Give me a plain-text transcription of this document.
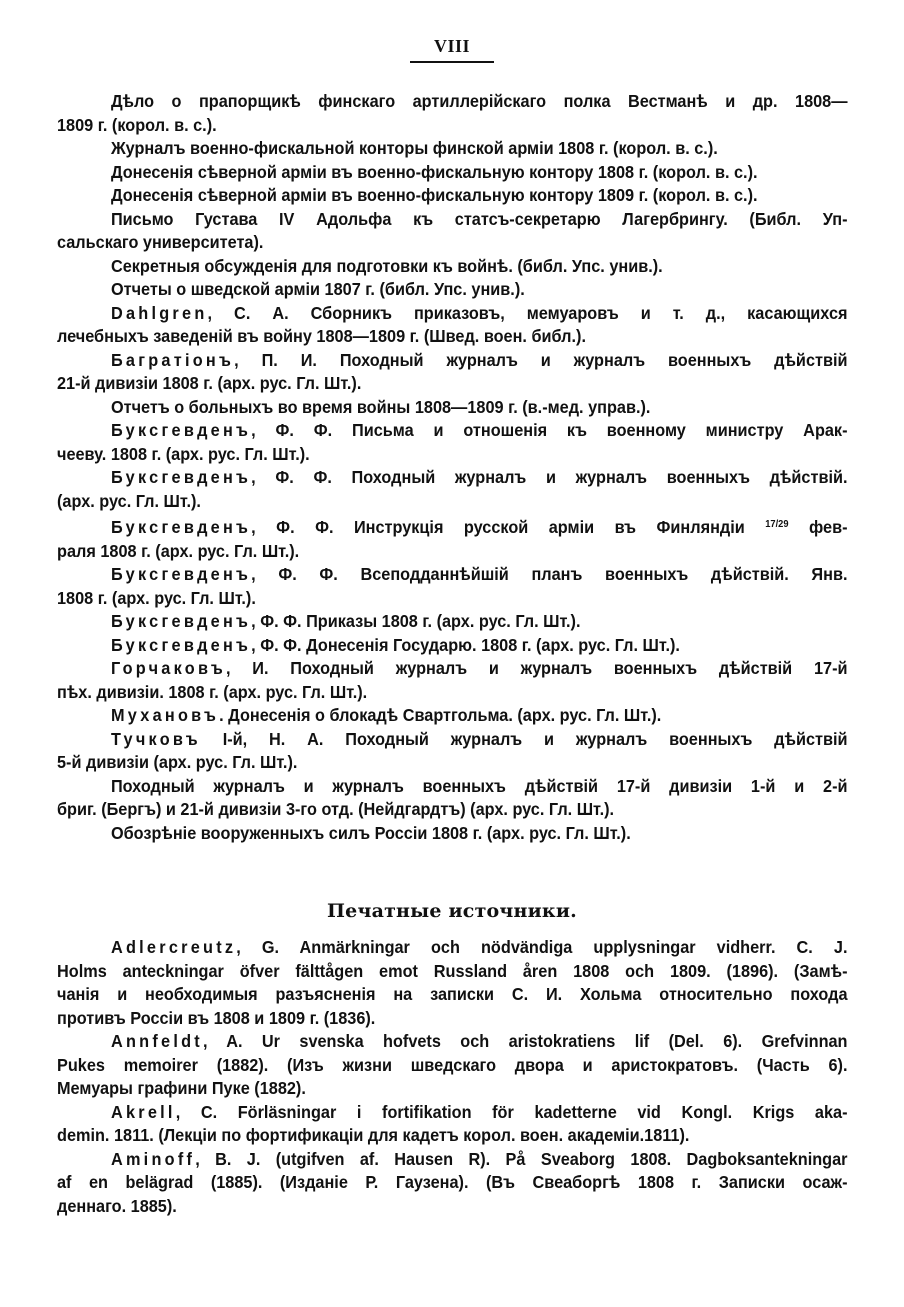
VIII
Дѣло о прапорщикѣ финскаго артиллерійскаго полка Вестманѣ и др. 1808—
1809 г. (корол. в. с.).
Журналъ военно-фискальной конторы финской арміи 1808 г. (корол. в. с.).
Донесенія сѣверной арміи въ военно-фискальную контору 1808 г. (корол. в. с.).
Донесенія сѣверной арміи въ военно-фискальную контору 1809 г. (корол. в. с.).
Письмо Густава IV Адольфа къ статсъ-секретарю Лагербрингу. (Библ. Уп-
сальскаго университета).
Секретныя обсужденія для подготовки къ войнѣ. (библ. Упс. унив.).
Отчеты о шведской арміи 1807 г. (библ. Упс. унив.).
Dahlgren, С. А. Сборникъ приказовъ, мемуаровъ и т. д., касающихся
лечебныхъ заведеній въ войну 1808—1809 г. (Швед. воен. библ.).
Багратіонъ, П. И. Походный журналъ и журналъ военныхъ дѣйствій
21-й дивизіи 1808 г. (арх. рус. Гл. Шт.).
Отчетъ о больныхъ во время войны 1808—1809 г. (в.-мед. управ.).
Буксгевденъ, Ф. Ф. Письма и отношенія къ военному министру Арак-
чееву. 1808 г. (арх. рус. Гл. Шт.).
Буксгевденъ, Ф. Ф. Походный журналъ и журналъ военныхъ дѣйствій.
(арх. рус. Гл. Шт.).
Буксгевденъ, Ф. Ф. Инструкція русской арміи въ Финляндіи $^{17/29}$ фев-
раля 1808 г. (арх. рус. Гл. Шт.).
Буксгевденъ, Ф. Ф. Всеподданнѣйшій планъ военныхъ дѣйствій. Янв.
1808 г. (арх. рус. Гл. Шт.).
Буксгевденъ, Ф. Ф. Приказы 1808 г. (арх. рус. Гл. Шт.).
Буксгевденъ, Ф. Ф. Донесенія Государю. 1808 г. (арх. рус. Гл. Шт.).
Горчаковъ, И. Походный журналъ и журналъ военныхъ дѣйствій 17-й
пѣх. дивизіи. 1808 г. (арх. рус. Гл. Шт.).
Мухановъ. Донесенія о блокадѣ Свартгольма. (арх. рус. Гл. Шт.).
Тучковъ I-й, Н. А. Походный журналъ и журналъ военныхъ дѣйствій
5-й дивизіи (арх. рус. Гл. Шт.).
Походный журналъ и журналъ военныхъ дѣйствій 17-й дивизіи 1-й и 2-й
бриг. (Бергъ) и 21-й дивизіи 3-го отд. (Нейдгардтъ) (арх. рус. Гл. Шт.).
Обозрѣніе вооруженныхъ силъ Россіи 1808 г. (арх. рус. Гл. Шт.).
Печатные источники.
Adlercreutz, G. Anmärkningar och nödvändiga upplysningar vidherr. C. J.
Holms anteckningar öfver fälttågen emot Russland åren 1808 och 1809. (1896). (Замѣ-
чанія и необходимыя разъясненія на записки С. И. Хольма относительно похода
противъ Россіи въ 1808 и 1809 г. (1836).
Annfeldt, A. Ur svenska hofvets och aristokratiens lif (Del. 6). Grefvinnan
Pukes memoirer (1882). (Изъ жизни шведскаго двора и аристократовъ. (Часть 6).
Мемуары графини Пуке (1882).
Akrell, C. Förläsningar i fortifikation för kadetterne vid Kongl. Krigs aka-
demin. 1811. (Лекціи по фортификаціи для кадетъ корол. воен. академіи.1811).
Aminoff, B. J. (utgifven af. Hausen R). På Sveaborg 1808. Dagboksantekningar
af en belägrad (1885). (Изданіе Р. Гаузена). (Въ Свеаборгѣ 1808 г. Записки осаж-
деннаго. 1885).
